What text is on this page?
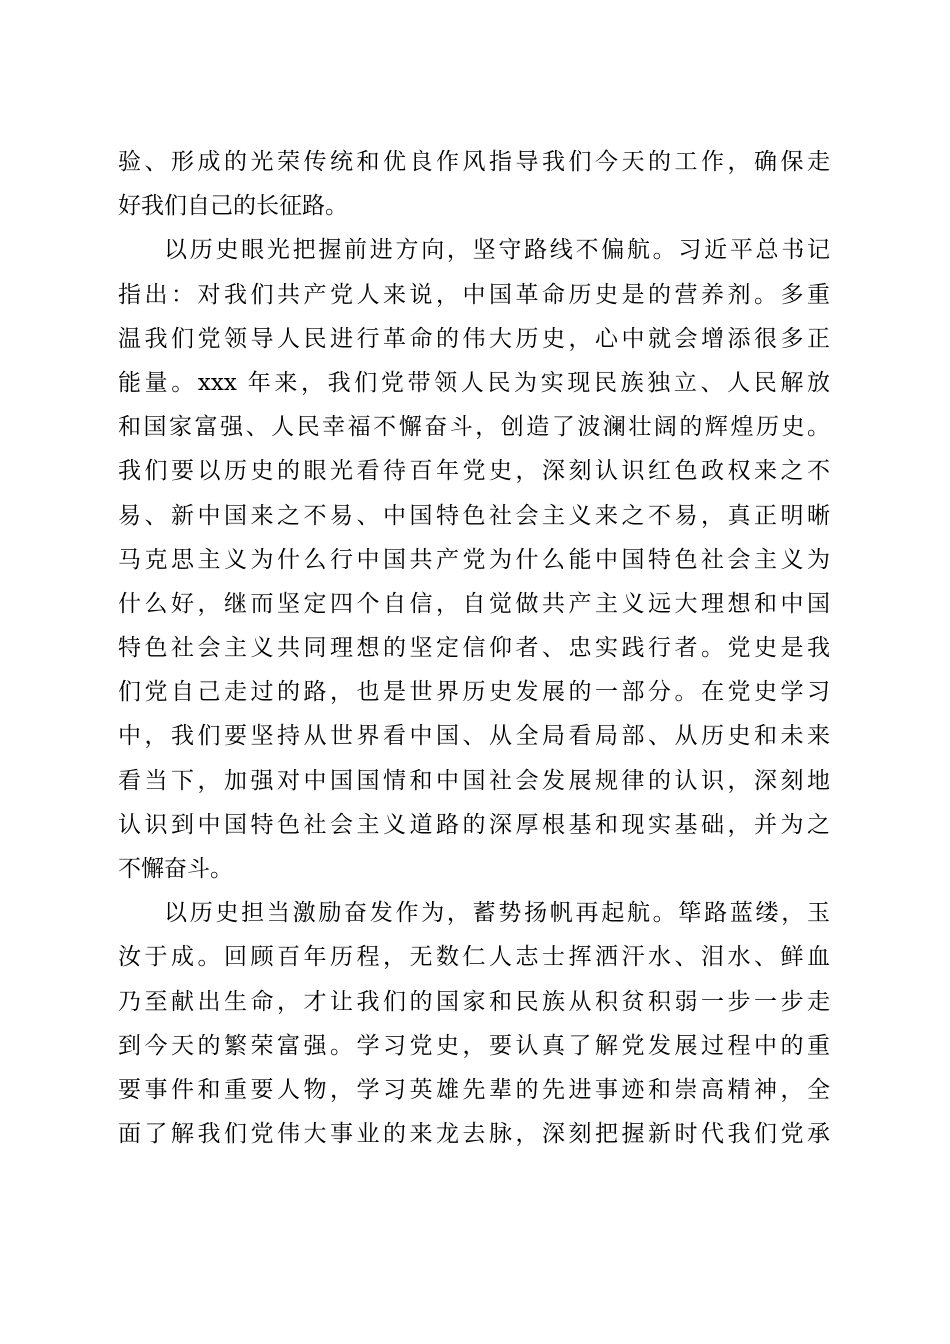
验、形成的光荣传统和优良作风指导我们今天的工作，确保走
好我们自己的长征路。
以历史眼光把握前进方向，坚守路线不偏航。习近平总书记
指出：对我们共产党人来说，中国革命历史是的营养剂。多重
温我们党领导人民进行革命的伟大历史，心中就会增添很多正
能量。xxx 年来，我们党带领人民为实现民族独立、人民解放
和国家富强、人民幸福不懈奋斗，创造了波澜壮阔的辉煌历史。
我们要以历史的眼光看待百年党史，深刻认识红色政权来之不
易、新中国来之不易、中国特色社会主义来之不易，真正明晰
马克思主义为什么行中国共产党为什么能中国特色社会主义为
什么好，继而坚定四个自信，自觉做共产主义远大理想和中国
特色社会主义共同理想的坚定信仰者、忠实践行者。党史是我
们党自己走过的路，也是世界历史发展的一部分。在党史学习
中，我们要坚持从世界看中国、从全局看局部、从历史和未来
看当下，加强对中国国情和中国社会发展规律的认识，深刻地
认识到中国特色社会主义道路的深厚根基和现实基础，并为之
不懈奋斗。
以历史担当激励奋发作为，蓄势扬帆再起航。筚路蓝缕，玉
汝于成。回顾百年历程，无数仁人志士挥洒汗水、泪水、鲜血
乃至献出生命，才让我们的国家和民族从积贫积弱一步一步走
到今天的繁荣富强。学习党史，要认真了解党发展过程中的重
要事件和重要人物，学习英雄先辈的先进事迹和崇高精神，全
面了解我们党伟大事业的来龙去脉，深刻把握新时代我们党承
